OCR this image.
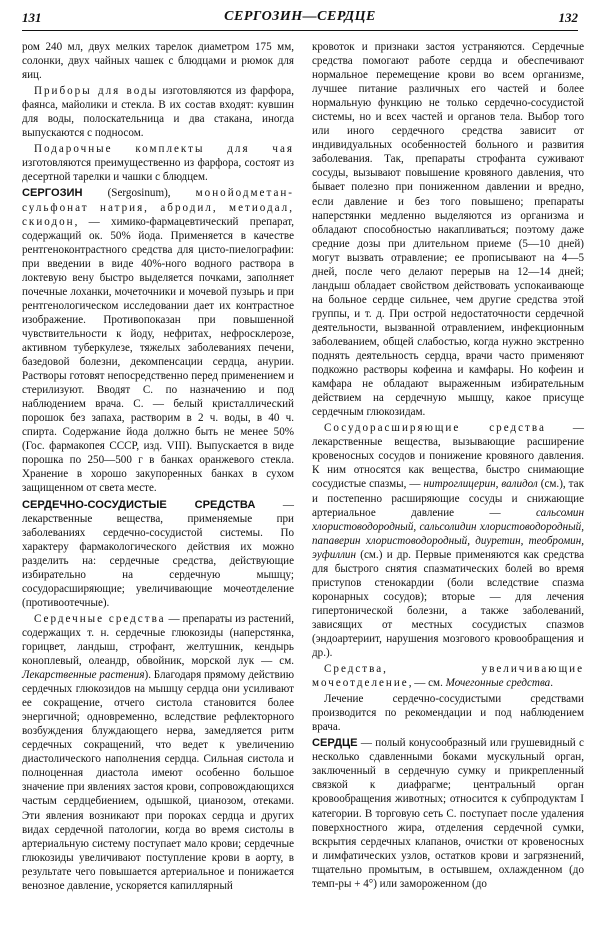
131	СЕРГОЗИН—СЕРДЦЕ	132

ром 240 мл, двух мелких тарелок диаметром 175 мм, солонки, двух чайных чашек с блюдцами и рюмок для яиц.

Приборы для воды изготовляются из фарфора, фаянса, майолики и стекла. В их состав входят: кувшин для воды, полоскательница и два стакана, иногда выпускаются с подносом.

Подарочные комплекты для чая изготовляются преимущественно из фарфора, состоят из десертной тарелки и чашки с блюдцем.

СЕРГОЗИН (Sergosinum), монойодметан-сульфонат натрия, абродил, метиодал, скиодон, — химико-фармацевтический препарат, содержащий ок. 50% йода. Применяется в качестве рентгеноконтрастного средства для цисто-пиелографии: при введении в виде 40%-ного водного раствора в локтевую вену быстро выделяется почками, заполняет почечные лоханки, мочеточники и мочевой пузырь и при рентгенологическом исследовании дает их контрастное изображение. Противопоказан при повышенной чувствительности к йоду, нефритах, нефросклерозе, активном туберкулезе, тяжелых заболеваниях печени, базедовой болезни, декомпенсации сердца, анурии. Растворы готовят непосредственно перед применением и стерилизуют. Вводят С. по назначению и под наблюдением врача. С. — белый кристаллический порошок без запаха, растворим в 2 ч. воды, в 40 ч. спирта. Содержание йода должно быть не менее 50% (Гос. фармакопея СССР, изд. VIII). Выпускается в виде порошка по 250—500 г в банках оранжевого стекла. Хранение в хорошо закупоренных банках в сухом защищенном от света месте.

СЕРДЕЧНО-СОСУДИСТЫЕ СРЕДСТВА — лекарственные вещества, применяемые при заболеваниях сердечно-сосудистой системы. По характеру фармакологического действия их можно разделить на: сердечные средства, действующие избирательно на сердечную мышцу; сосудорасширяющие; увеличивающие мочеотделение (противоотечные).

Сердечные средства — препараты из растений, содержащих т. н. сердечные глюкозиды (наперстянка, горицвет, ландыш, строфант, желтушник, кендырь коноплевый, олеандр, обвойник, морской лук — см. Лекарственные растения). Благодаря прямому действию сердечных глюкозидов на мышцу сердца они усиливают ее сокращение, отчего систола становится более энергичной; одновременно, вследствие рефлекторного возбуждения блуждающего нерва, замедляется ритм сердечных сокращений, что ведет к увеличению диастолического наполнения сердца. Сильная систола и полноценная диастола имеют особенно большое значение при явлениях застоя крови, сопровождающихся частым сердцебиением, одышкой, цианозом, отеками. Эти явления возникают при пороках сердца и других видах сердечной патологии, когда во время систолы в артериальную систему поступает мало крови; сердечные глюкозиды увеличивают поступление крови в аорту, в результате чего повышается артериальное и понижается венозное давление, ускоряется капиллярный

кровоток и признаки застоя устраняются. Сердечные средства помогают работе сердца и обеспечивают нормальное перемещение крови во всем организме, лучшее питание различных его частей и более нормальную функцию не только сердечно-сосудистой системы, но и всех частей и органов тела. Выбор того или иного сердечного средства зависит от индивидуальных особенностей больного и развития заболевания. Так, препараты строфанта суживают сосуды, вызывают повышение кровяного давления, что бывает полезно при пониженном давлении и вредно, если давление и без того повышено; препараты наперстянки медленно выделяются из организма и обладают способностью накапливаться; поэтому даже средние дозы при длительном приеме (5—10 дней) могут вызвать отравление; ее прописывают на 4—5 дней, после чего делают перерыв на 12—14 дней; ландыш обладает свойством действовать успокаивающе на больное сердце сильнее, чем другие средства этой группы, и т. д. При острой недостаточности сердечной деятельности, вызванной отравлением, инфекционным заболеванием, общей слабостью, когда нужно экстренно поднять деятельность сердца, врачи часто применяют подкожно растворы кофеина и камфары. Но кофеин и камфара не обладают выраженным избирательным действием на сердечную мышцу, какое присуще сердечным глюкозидам.

Сосудорасширяющие средства — лекарственные вещества, вызывающие расширение кровеносных сосудов и понижение кровяного давления. К ним относятся как вещества, быстро снимающие сосудистые спазмы, — нитроглицерин, валидол (см.), так и постепенно расширяющие сосуды и снижающие артериальное давление — сальсомин хлористоводородный, сальсолидин хлористоводородный, папаверин хлористоводородный, диуретин, теобромин, эуфиллин (см.) и др. Первые применяются как средства для быстрого снятия спазматических болей во время приступов стенокардии (боли вследствие спазма коронарных сосудов); вторые — для лечения гипертонической болезни, а также заболеваний, зависящих от местных сосудистых спазмов (эндоартериит, нарушения мозгового кровообращения и др.).

Средства, увеличивающие мочеотделение, — см. Мочегонные средства.

Лечение сердечно-сосудистыми средствами производится по рекомендации и под наблюдением врача.

СЕРДЦЕ — полый конусообразный или грушевидный с несколько сдавленными боками мускульный орган, заключенный в сердечную сумку и прикрепленный связкой к диафрагме; центральный орган кровообращения животных; относится к субпродуктам I категории. В торговую сеть С. поступает после удаления поверхностного жира, отделения сердечной сумки, вскрытия сердечных клапанов, очистки от кровеносных и лимфатических узлов, остатков крови и загрязнений, тщательно промытым, в остывшем, охлажденном (до темп-ры + 4°) или замороженном (до
